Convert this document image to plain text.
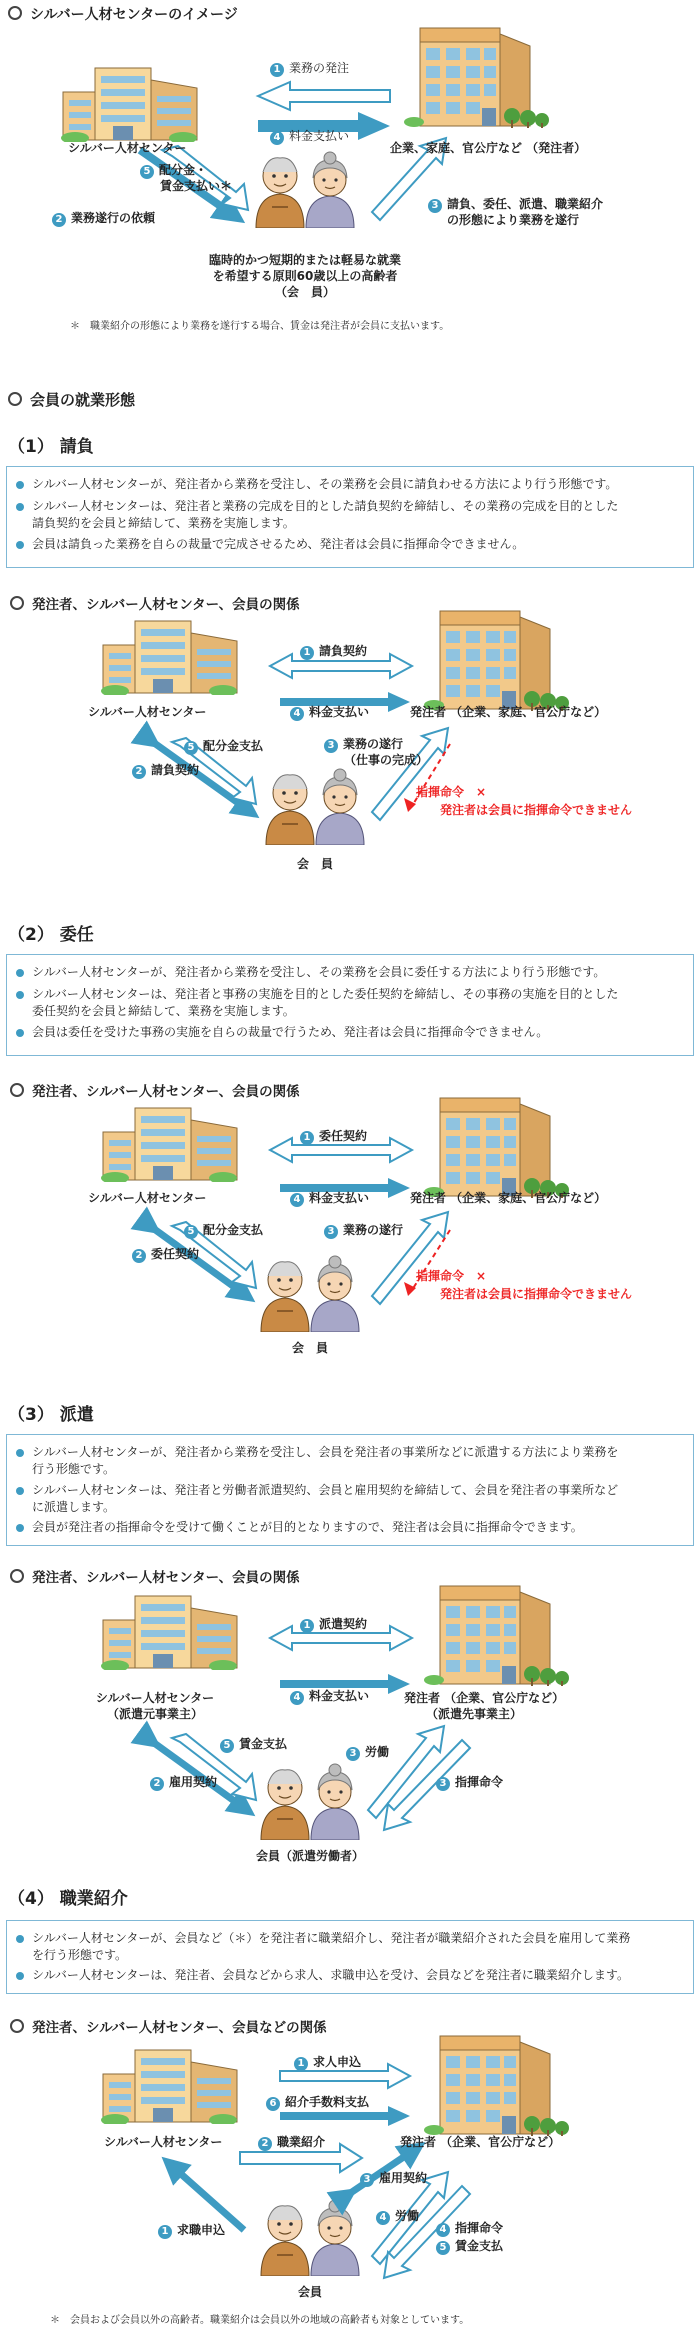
シルバー人材センターのイメージ
1 業務の発注
4 料金支払い
シルバー人材センター	企業、家庭、官公庁など （発注者）
5 配分金・
賃金支払い＊
2 業務遂行の依頼
3 請負、委任、派遣、職業紹介
の形態により業務を遂行
臨時的かつ短期的または軽易な就業
を希望する原則60歳以上の高齢者
（会　員）
＊　職業紹介の形態により業務を遂行する場合、賃金は発注者が会員に支払います。
会員の就業形態
（1） 請負
シルバー人材センターが、発注者から業務を受注し、その業務を会員に請負わせる方法により行う形態です。
シルバー人材センターは、発注者と業務の完成を目的とした請負契約を締結し、その業務の完成を目的とした
請負契約を会員と締結して、業務を実施します。
会員は請負った業務を自らの裁量で完成させるため、発注者は会員に指揮命令できません。
発注者、シルバー人材センター、会員の関係
1 請負契約
4 料金支払い
シルバー人材センター	発注者 （企業、家庭、官公庁など）
5 配分金支払
2 請負契約
3 業務の遂行
（仕事の完成）
指揮命令　 ×
発注者は会員に指揮命令できません
会　員
（2） 委任
シルバー人材センターが、発注者から業務を受注し、その業務を会員に委任する方法により行う形態です。
シルバー人材センターは、発注者と事務の実施を目的とした委任契約を締結し、その事務の実施を目的とした
委任契約を会員と締結して、業務を実施します。
会員は委任を受けた事務の実施を自らの裁量で行うため、発注者は会員に指揮命令できません。
発注者、シルバー人材センター、会員の関係
1 委任契約
4 料金支払い
シルバー人材センター	発注者 （企業、家庭、官公庁など）
5 配分金支払
2 委任契約
3 業務の遂行
指揮命令　 ×
発注者は会員に指揮命令できません
会　員
（3） 派遣
シルバー人材センターが、発注者から業務を受注し、会員を発注者の事業所などに派遣する方法により業務を
行う形態です。
シルバー人材センターは、発注者と労働者派遣契約、会員と雇用契約を締結して、会員を発注者の事業所など
に派遣します。
会員が発注者の指揮命令を受けて働くことが目的となりますので、発注者は会員に指揮命令できます。
発注者、シルバー人材センター、会員の関係
1 派遣契約
4 料金支払い
シルバー人材センター
（派遣元事業主）
発注者 （企業、官公庁など）
（派遣先事業主）
5 賃金支払
2 雇用契約
3 労働
3 指揮命令
会員（派遣労働者）
（4） 職業紹介
シルバー人材センターが、会員など（＊）を発注者に職業紹介し、発注者が職業紹介された会員を雇用して業務
を行う形態です。
シルバー人材センターは、発注者、会員などから求人、求職申込を受け、会員などを発注者に職業紹介します。
発注者、シルバー人材センター、会員などの関係
1 求人申込
6 紹介手数料支払
シルバー人材センター	発注者 （企業、官公庁など）
2 職業紹介
3 雇用契約
1 求職申込
4 労働
4 指揮命令
5 賃金支払
会員
＊　会員および会員以外の高齢者。職業紹介は会員以外の地域の高齢者も対象としています。
